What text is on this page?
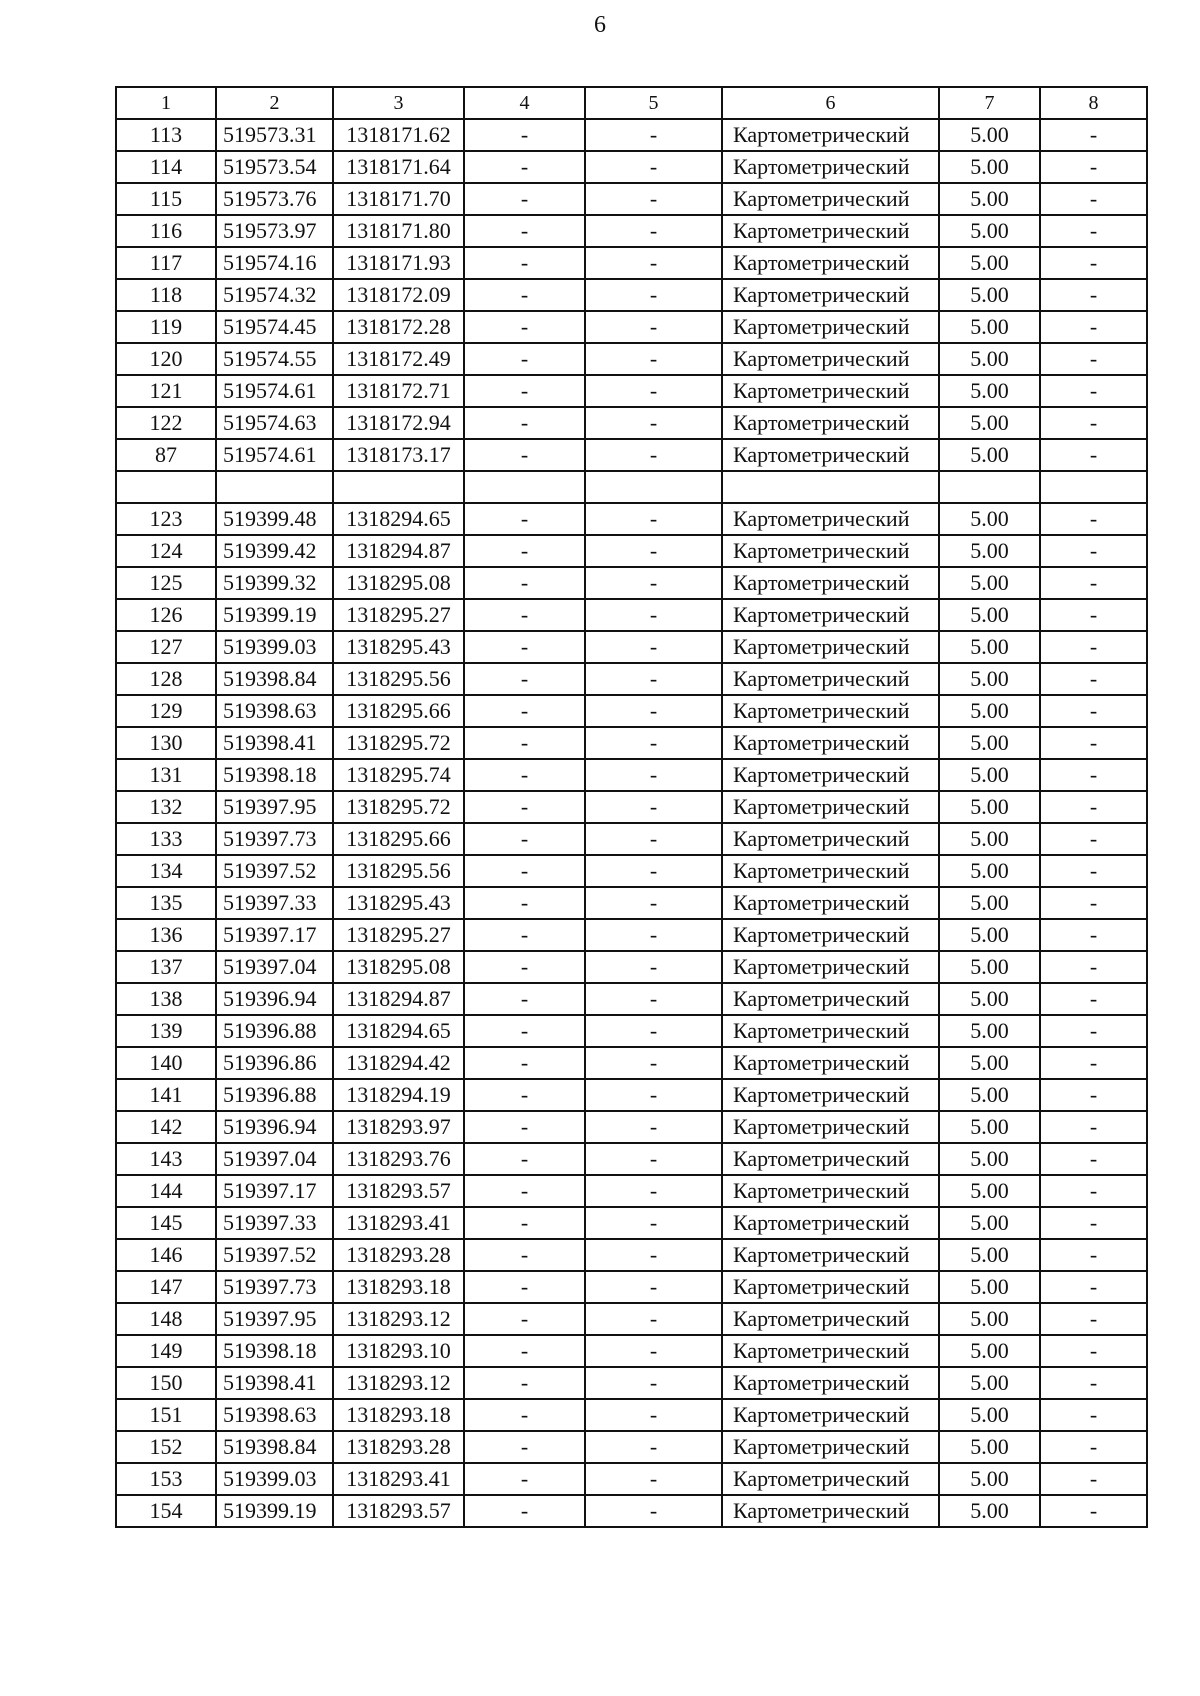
6
1	2	3	4	5	6	7	8
113	519573.31	1318171.62	-	-	Картометрический	5.00	-
114	519573.54	1318171.64	-	-	Картометрический	5.00	-
115	519573.76	1318171.70	-	-	Картометрический	5.00	-
116	519573.97	1318171.80	-	-	Картометрический	5.00	-
117	519574.16	1318171.93	-	-	Картометрический	5.00	-
118	519574.32	1318172.09	-	-	Картометрический	5.00	-
119	519574.45	1318172.28	-	-	Картометрический	5.00	-
120	519574.55	1318172.49	-	-	Картометрический	5.00	-
121	519574.61	1318172.71	-	-	Картометрический	5.00	-
122	519574.63	1318172.94	-	-	Картометрический	5.00	-
87	519574.61	1318173.17	-	-	Картометрический	5.00	-

123	519399.48	1318294.65	-	-	Картометрический	5.00	-
124	519399.42	1318294.87	-	-	Картометрический	5.00	-
125	519399.32	1318295.08	-	-	Картометрический	5.00	-
126	519399.19	1318295.27	-	-	Картометрический	5.00	-
127	519399.03	1318295.43	-	-	Картометрический	5.00	-
128	519398.84	1318295.56	-	-	Картометрический	5.00	-
129	519398.63	1318295.66	-	-	Картометрический	5.00	-
130	519398.41	1318295.72	-	-	Картометрический	5.00	-
131	519398.18	1318295.74	-	-	Картометрический	5.00	-
132	519397.95	1318295.72	-	-	Картометрический	5.00	-
133	519397.73	1318295.66	-	-	Картометрический	5.00	-
134	519397.52	1318295.56	-	-	Картометрический	5.00	-
135	519397.33	1318295.43	-	-	Картометрический	5.00	-
136	519397.17	1318295.27	-	-	Картометрический	5.00	-
137	519397.04	1318295.08	-	-	Картометрический	5.00	-
138	519396.94	1318294.87	-	-	Картометрический	5.00	-
139	519396.88	1318294.65	-	-	Картометрический	5.00	-
140	519396.86	1318294.42	-	-	Картометрический	5.00	-
141	519396.88	1318294.19	-	-	Картометрический	5.00	-
142	519396.94	1318293.97	-	-	Картометрический	5.00	-
143	519397.04	1318293.76	-	-	Картометрический	5.00	-
144	519397.17	1318293.57	-	-	Картометрический	5.00	-
145	519397.33	1318293.41	-	-	Картометрический	5.00	-
146	519397.52	1318293.28	-	-	Картометрический	5.00	-
147	519397.73	1318293.18	-	-	Картометрический	5.00	-
148	519397.95	1318293.12	-	-	Картометрический	5.00	-
149	519398.18	1318293.10	-	-	Картометрический	5.00	-
150	519398.41	1318293.12	-	-	Картометрический	5.00	-
151	519398.63	1318293.18	-	-	Картометрический	5.00	-
152	519398.84	1318293.28	-	-	Картометрический	5.00	-
153	519399.03	1318293.41	-	-	Картометрический	5.00	-
154	519399.19	1318293.57	-	-	Картометрический	5.00	-
